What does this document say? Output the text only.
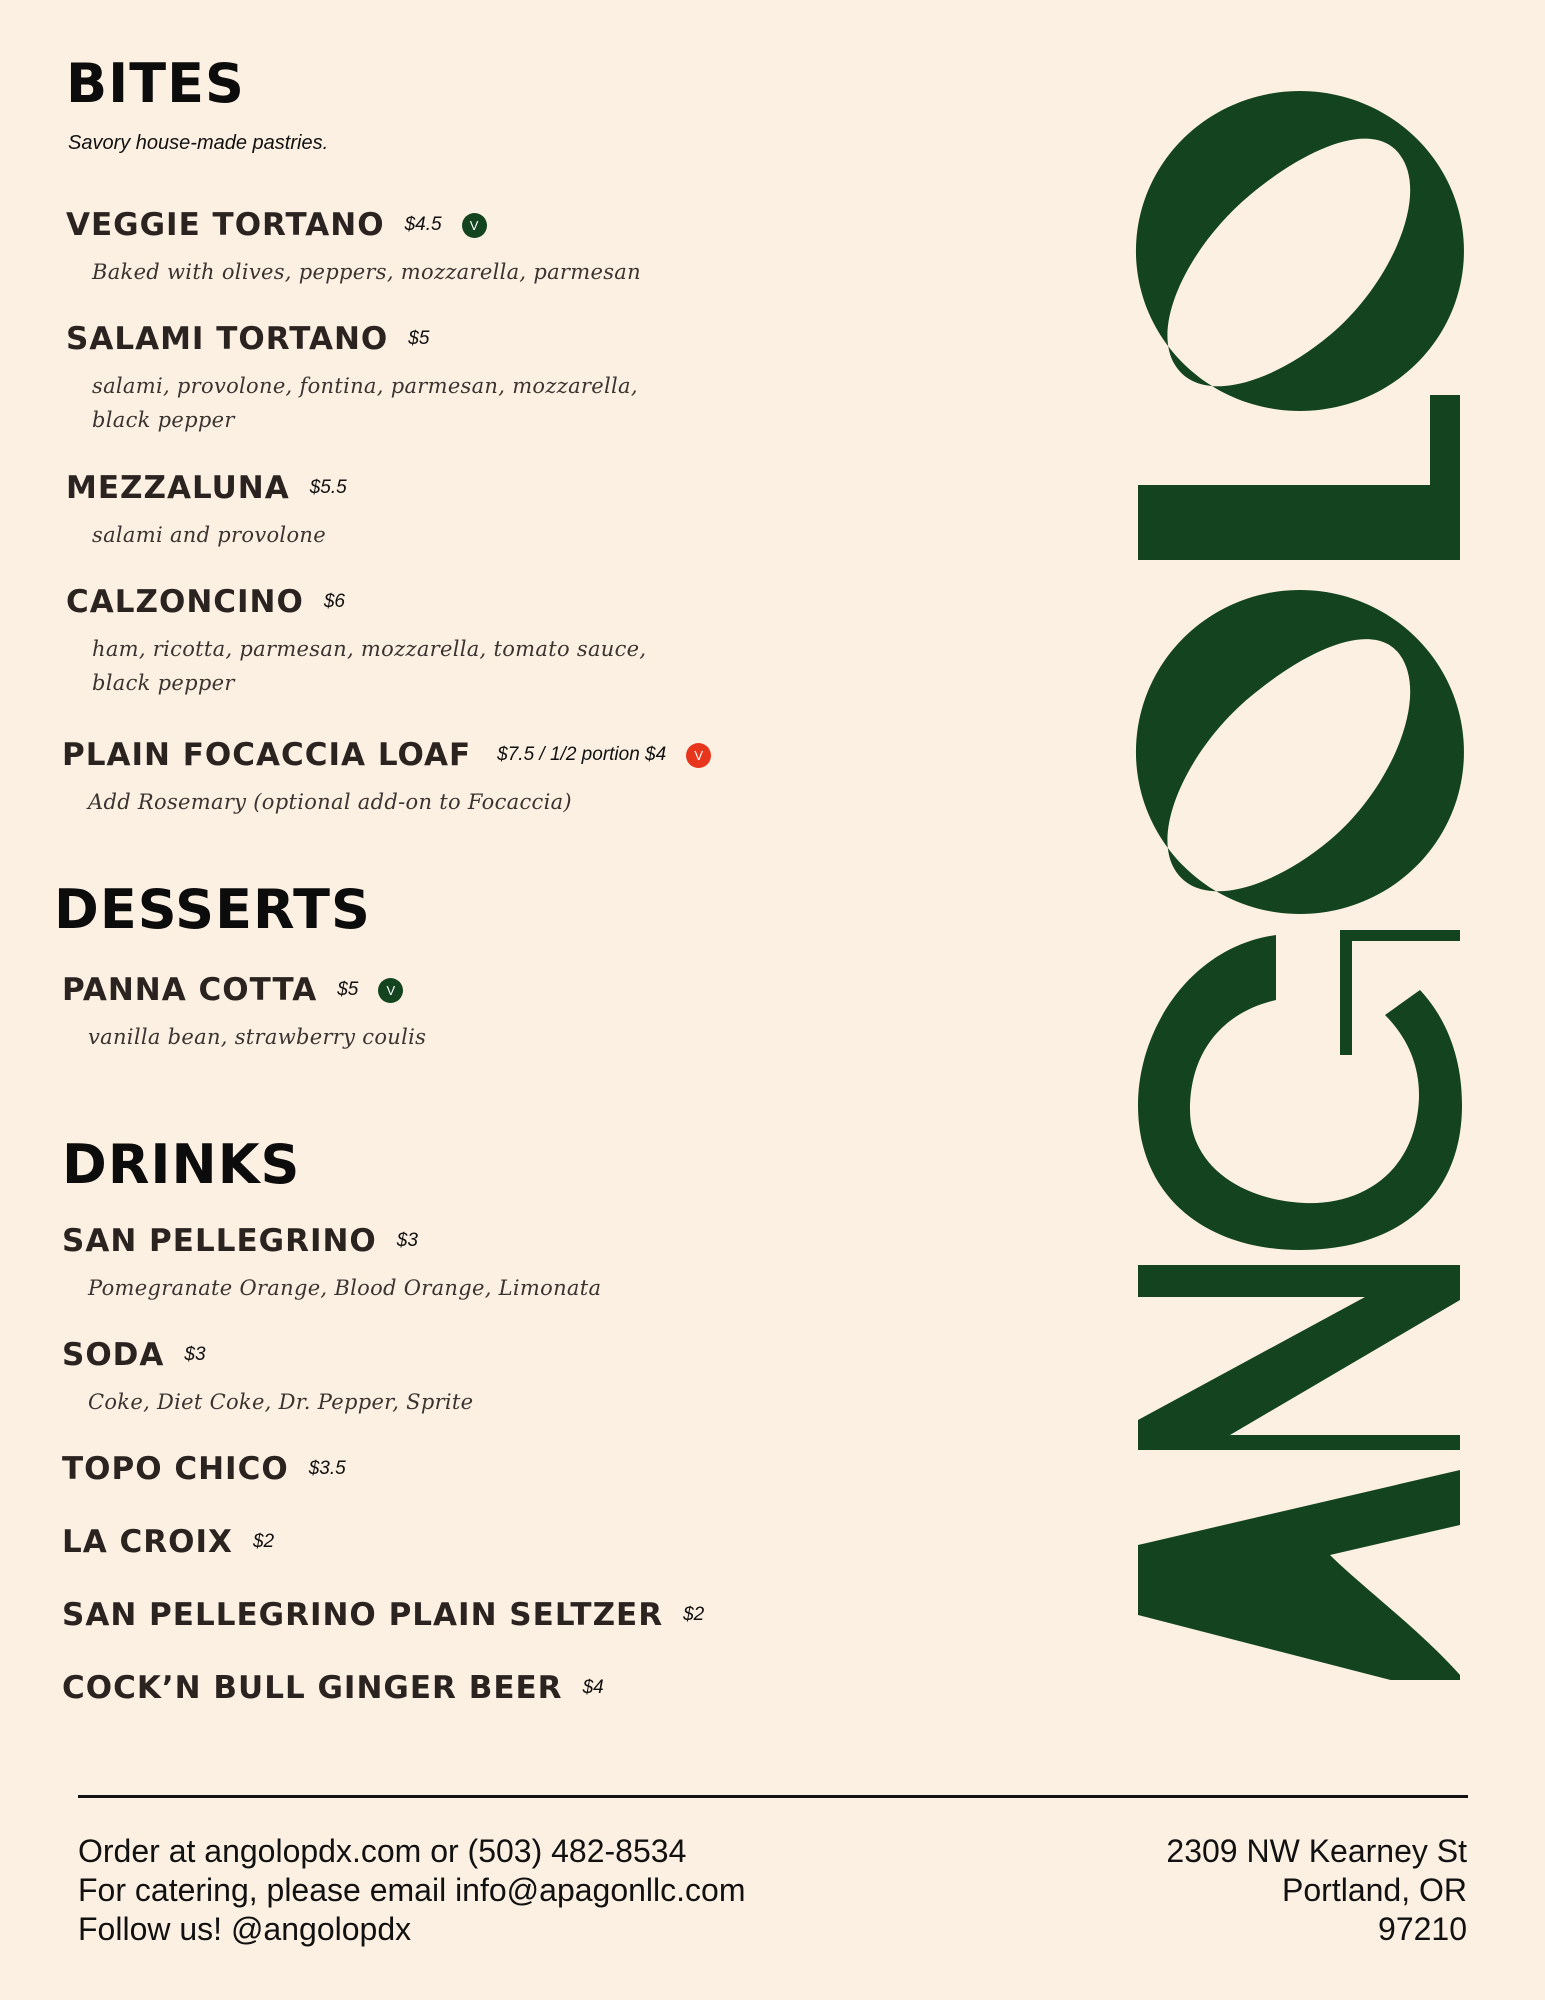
BITES
Savory house-made pastries.
VEGGIE TORTANO $4.5	V
Baked with olives, peppers, mozzarella, parmesan
SALAMI TORTANO $5
salami, provolone, fontina, parmesan, mozzarella,
black pepper
MEZZALUNA $5.5
salami and provolone
CALZONCINO $6
ham, ricotta, parmesan, mozzarella, tomato sauce,
black pepper
PLAIN FOCACCIA LOAF $7.5 / 1/2 portion $4	V
Add Rosemary (optional add-on to Focaccia)
DESSERTS
PANNA COTTA $5	V
vanilla bean, strawberry coulis
DRINKS
SAN PELLEGRINO $3
Pomegranate Orange, Blood Orange, Limonata
SODA $3
Coke, Diet Coke, Dr. Pepper, Sprite
TOPO CHICO $3.5
LA CROIX $2
SAN PELLEGRINO PLAIN SELTZER $2
COCK’N BULL GINGER BEER $4
Order at angolopdx.com or (503) 482-8534
For catering, please email info@apagonllc.com
Follow us! @angolopdx
2309 NW Kearney St
Portland, OR
97210
